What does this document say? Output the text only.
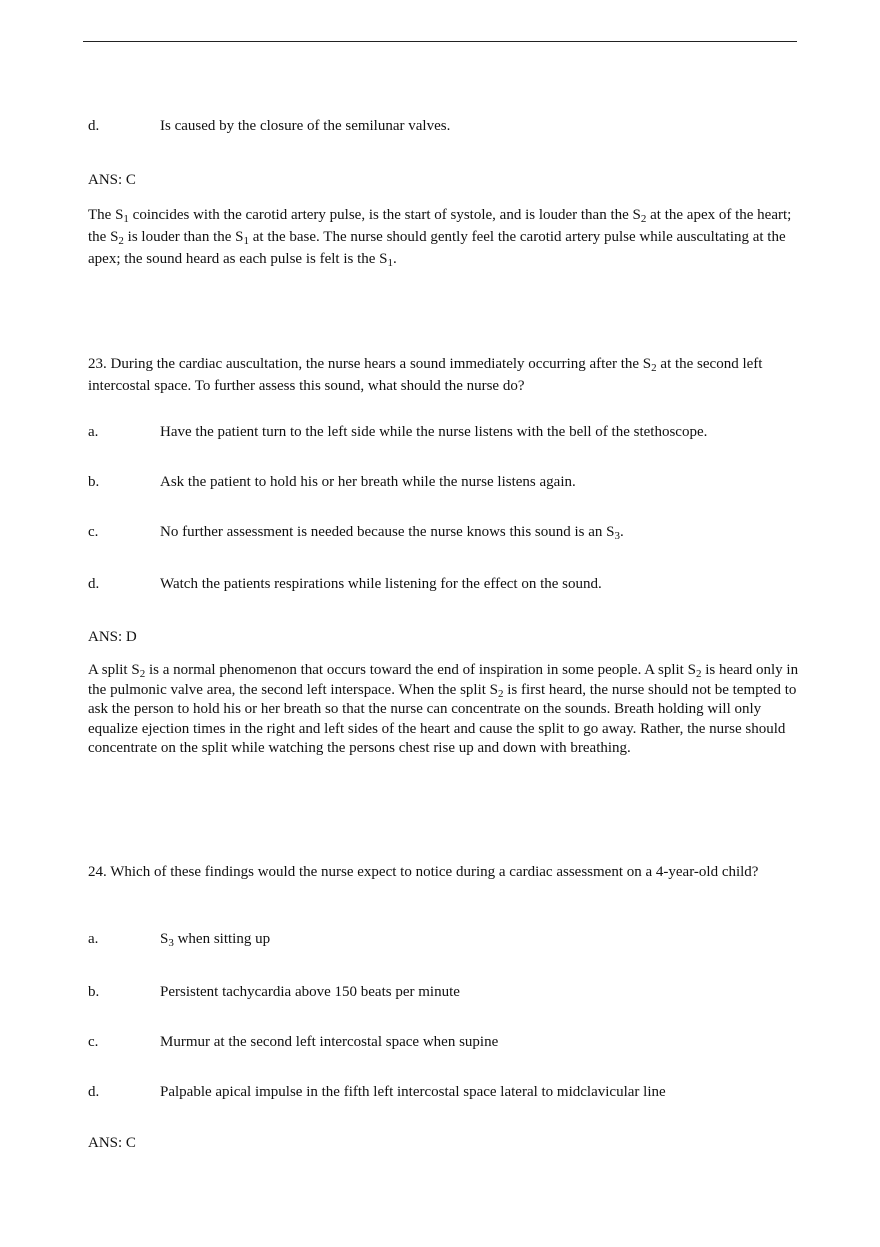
d.	Is caused by the closure of the semilunar valves.

ANS: C

The $S_1$ coincides with the carotid artery pulse, is the start of systole, and is louder than the $S_2$ at the apex of the heart; the $S_2$ is louder than the $S_1$ at the base. The nurse should gently feel the carotid artery pulse while auscultating at the apex; the sound heard as each pulse is felt is the $S_1$.

23. During the cardiac auscultation, the nurse hears a sound immediately occurring after the $S_2$ at the second left intercostal space. To further assess this sound, what should the nurse do?

a.	Have the patient turn to the left side while the nurse listens with the bell of the stethoscope.
b.	Ask the patient to hold his or her breath while the nurse listens again.
c.	No further assessment is needed because the nurse knows this sound is an $S_3$.
d.	Watch the patients respirations while listening for the effect on the sound.

ANS: D

A split $S_2$ is a normal phenomenon that occurs toward the end of inspiration in some people. A split $S_2$ is heard only in the pulmonic valve area, the second left interspace. When the split $S_2$ is first heard, the nurse should not be tempted to ask the person to hold his or her breath so that the nurse can concentrate on the sounds. Breath holding will only equalize ejection times in the right and left sides of the heart and cause the split to go away. Rather, the nurse should concentrate on the split while watching the persons chest rise up and down with breathing.

24. Which of these findings would the nurse expect to notice during a cardiac assessment on a 4-year-old child?

a.	$S_3$ when sitting up
b.	Persistent tachycardia above 150 beats per minute
c.	Murmur at the second left intercostal space when supine
d.	Palpable apical impulse in the fifth left intercostal space lateral to midclavicular line

ANS: C
